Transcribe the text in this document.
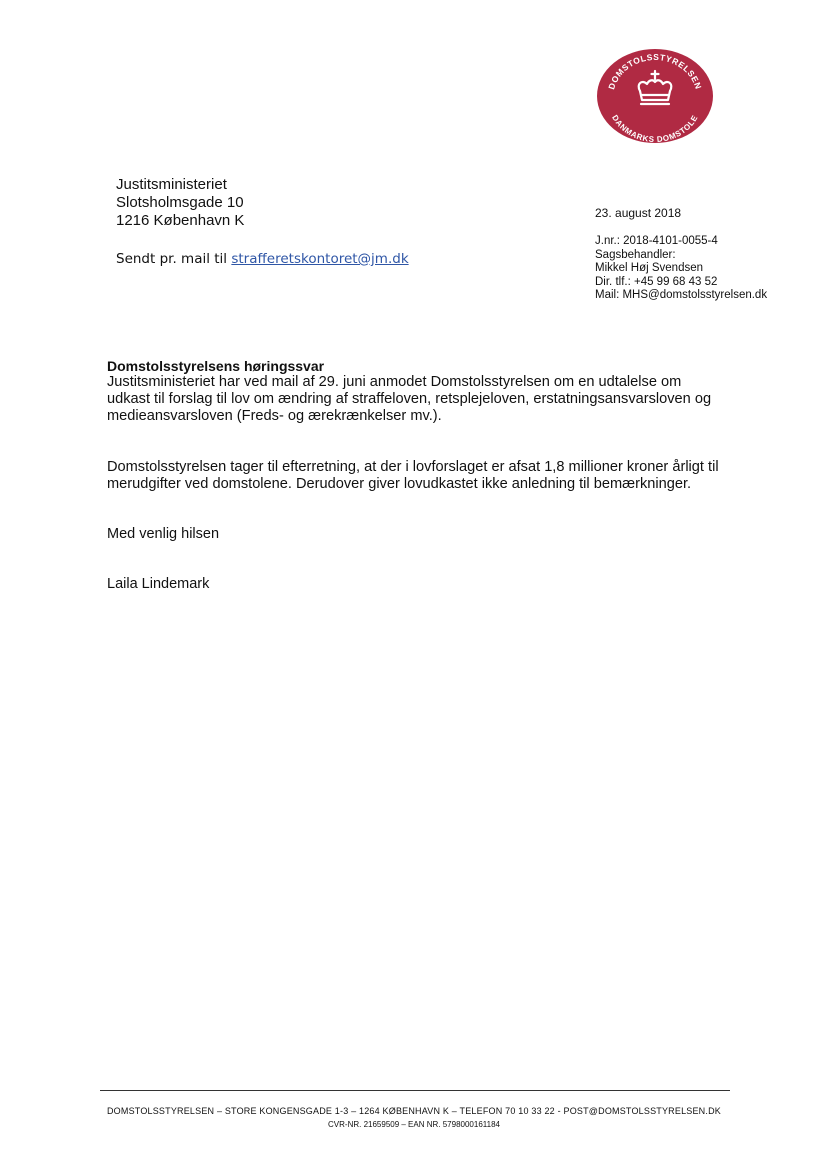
DOMSTOLSSTYRELSEN
DANMARKS DOMSTOLE
Justitsministeriet
Slotsholmsgade 10
1216 København K
Sendt pr. mail til strafferetskontoret@jm.dk
23. august 2018
J.nr.: 2018-4101-0055-4
Sagsbehandler:
Mikkel Høj Svendsen
Dir. tlf.: +45 99 68 43 52
Mail: MHS@domstolsstyrelsen.dk
Domstolsstyrelsens høringssvar
Justitsministeriet har ved mail af 29. juni anmodet Domstolsstyrelsen om en udtalelse om
udkast til forslag til lov om ændring af straffeloven, retsplejeloven, erstatningsansvarsloven og
medieansvarsloven (Freds- og ærekrænkelser mv.).
Domstolsstyrelsen tager til efterretning, at der i lovforslaget er afsat 1,8 millioner kroner årligt til
merudgifter ved domstolene. Derudover giver lovudkastet ikke anledning til bemærkninger.
Med venlig hilsen
Laila Lindemark
DOMSTOLSSTYRELSEN – STORE KONGENSGADE 1-3 – 1264 KØBENHAVN K – TELEFON 70 10 33 22 - POST@DOMSTOLSSTYRELSEN.DK
CVR-NR. 21659509 – EAN NR. 5798000161184
